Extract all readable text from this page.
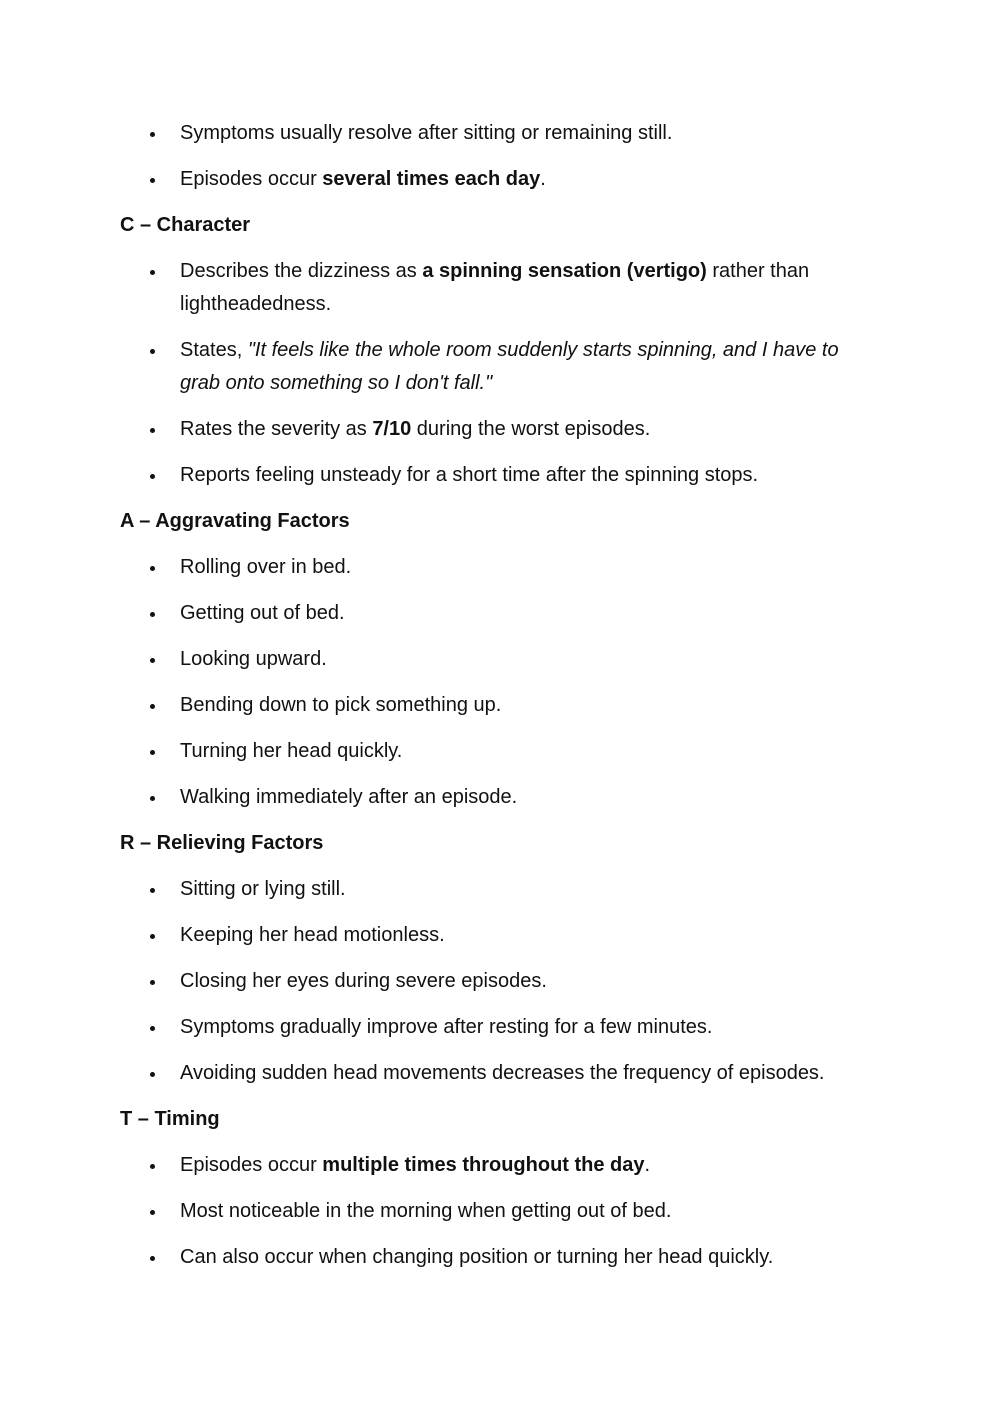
Symptoms usually resolve after sitting or remaining still.
Episodes occur several times each day.
C – Character
Describes the dizziness as a spinning sensation (vertigo) rather than lightheadedness.
States, "It feels like the whole room suddenly starts spinning, and I have to grab onto something so I don't fall."
Rates the severity as 7/10 during the worst episodes.
Reports feeling unsteady for a short time after the spinning stops.
A – Aggravating Factors
Rolling over in bed.
Getting out of bed.
Looking upward.
Bending down to pick something up.
Turning her head quickly.
Walking immediately after an episode.
R – Relieving Factors
Sitting or lying still.
Keeping her head motionless.
Closing her eyes during severe episodes.
Symptoms gradually improve after resting for a few minutes.
Avoiding sudden head movements decreases the frequency of episodes.
T – Timing
Episodes occur multiple times throughout the day.
Most noticeable in the morning when getting out of bed.
Can also occur when changing position or turning her head quickly.
